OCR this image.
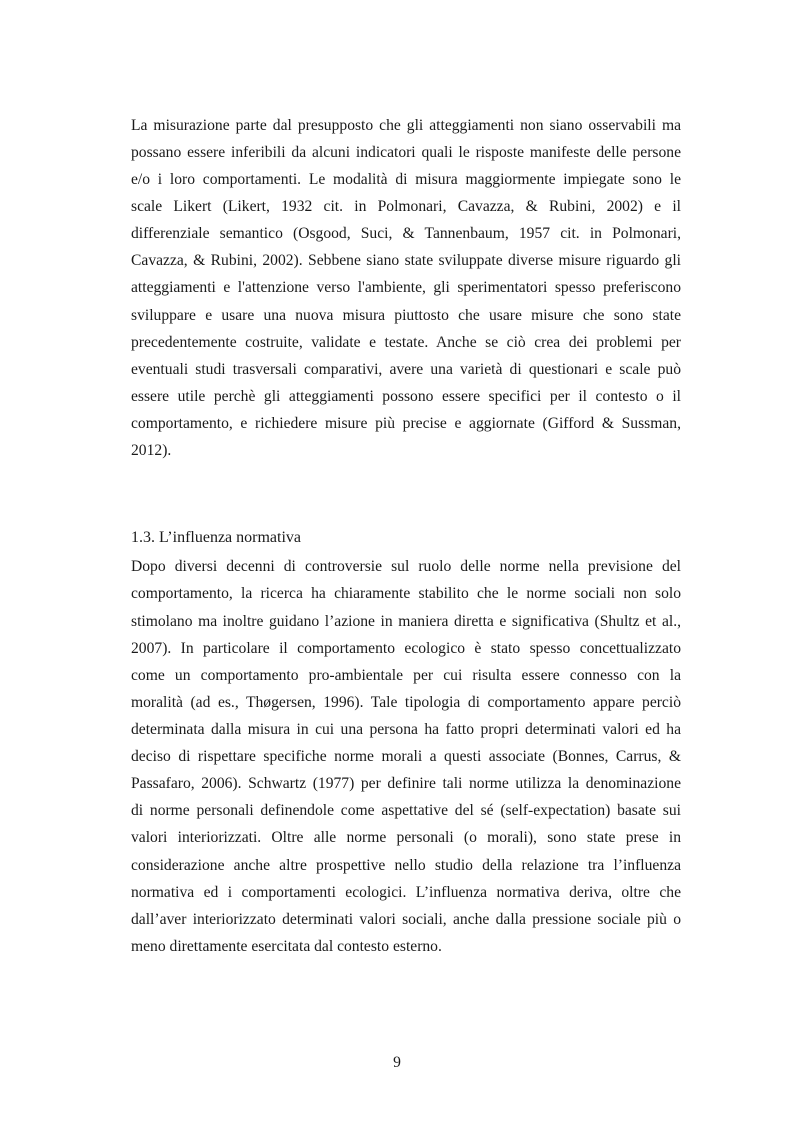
La misurazione parte dal presupposto che gli atteggiamenti non siano osservabili ma
possano essere inferibili da alcuni indicatori quali le risposte manifeste delle persone
e/o i loro comportamenti. Le modalità di misura maggiormente impiegate sono le
scale Likert (Likert, 1932 cit. in Polmonari, Cavazza, & Rubini, 2002) e il
differenziale semantico (Osgood, Suci, & Tannenbaum, 1957 cit. in Polmonari,
Cavazza, & Rubini, 2002). Sebbene siano state sviluppate diverse misure riguardo gli
atteggiamenti e l'attenzione verso l'ambiente, gli sperimentatori spesso preferiscono
sviluppare e usare una nuova misura piuttosto che usare misure che sono state
precedentemente costruite, validate e testate. Anche se ciò crea dei problemi per
eventuali studi trasversali comparativi, avere una varietà di questionari e scale può
essere utile perchè gli atteggiamenti possono essere specifici per il contesto o il
comportamento, e richiedere misure più precise e aggiornate (Gifford & Sussman,
2012).
1.3. L’influenza normativa
Dopo diversi decenni di controversie sul ruolo delle norme nella previsione del
comportamento, la ricerca ha chiaramente stabilito che le norme sociali non solo
stimolano ma inoltre guidano l’azione in maniera diretta e significativa (Shultz et al.,
2007). In particolare il comportamento ecologico è stato spesso concettualizzato
come un comportamento pro-ambientale per cui risulta essere connesso con la
moralità (ad es., Thøgersen, 1996). Tale tipologia di comportamento appare perciò
determinata dalla misura in cui una persona ha fatto propri determinati valori ed ha
deciso di rispettare specifiche norme morali a questi associate (Bonnes, Carrus, &
Passafaro, 2006). Schwartz (1977) per definire tali norme utilizza la denominazione
di norme personali definendole come aspettative del sé (self-expectation) basate sui
valori interiorizzati. Oltre alle norme personali (o morali), sono state prese in
considerazione anche altre prospettive nello studio della relazione tra l’influenza
normativa ed i comportamenti ecologici. L’influenza normativa deriva, oltre che
dall’aver interiorizzato determinati valori sociali, anche dalla pressione sociale più o
meno direttamente esercitata dal contesto esterno.
9
